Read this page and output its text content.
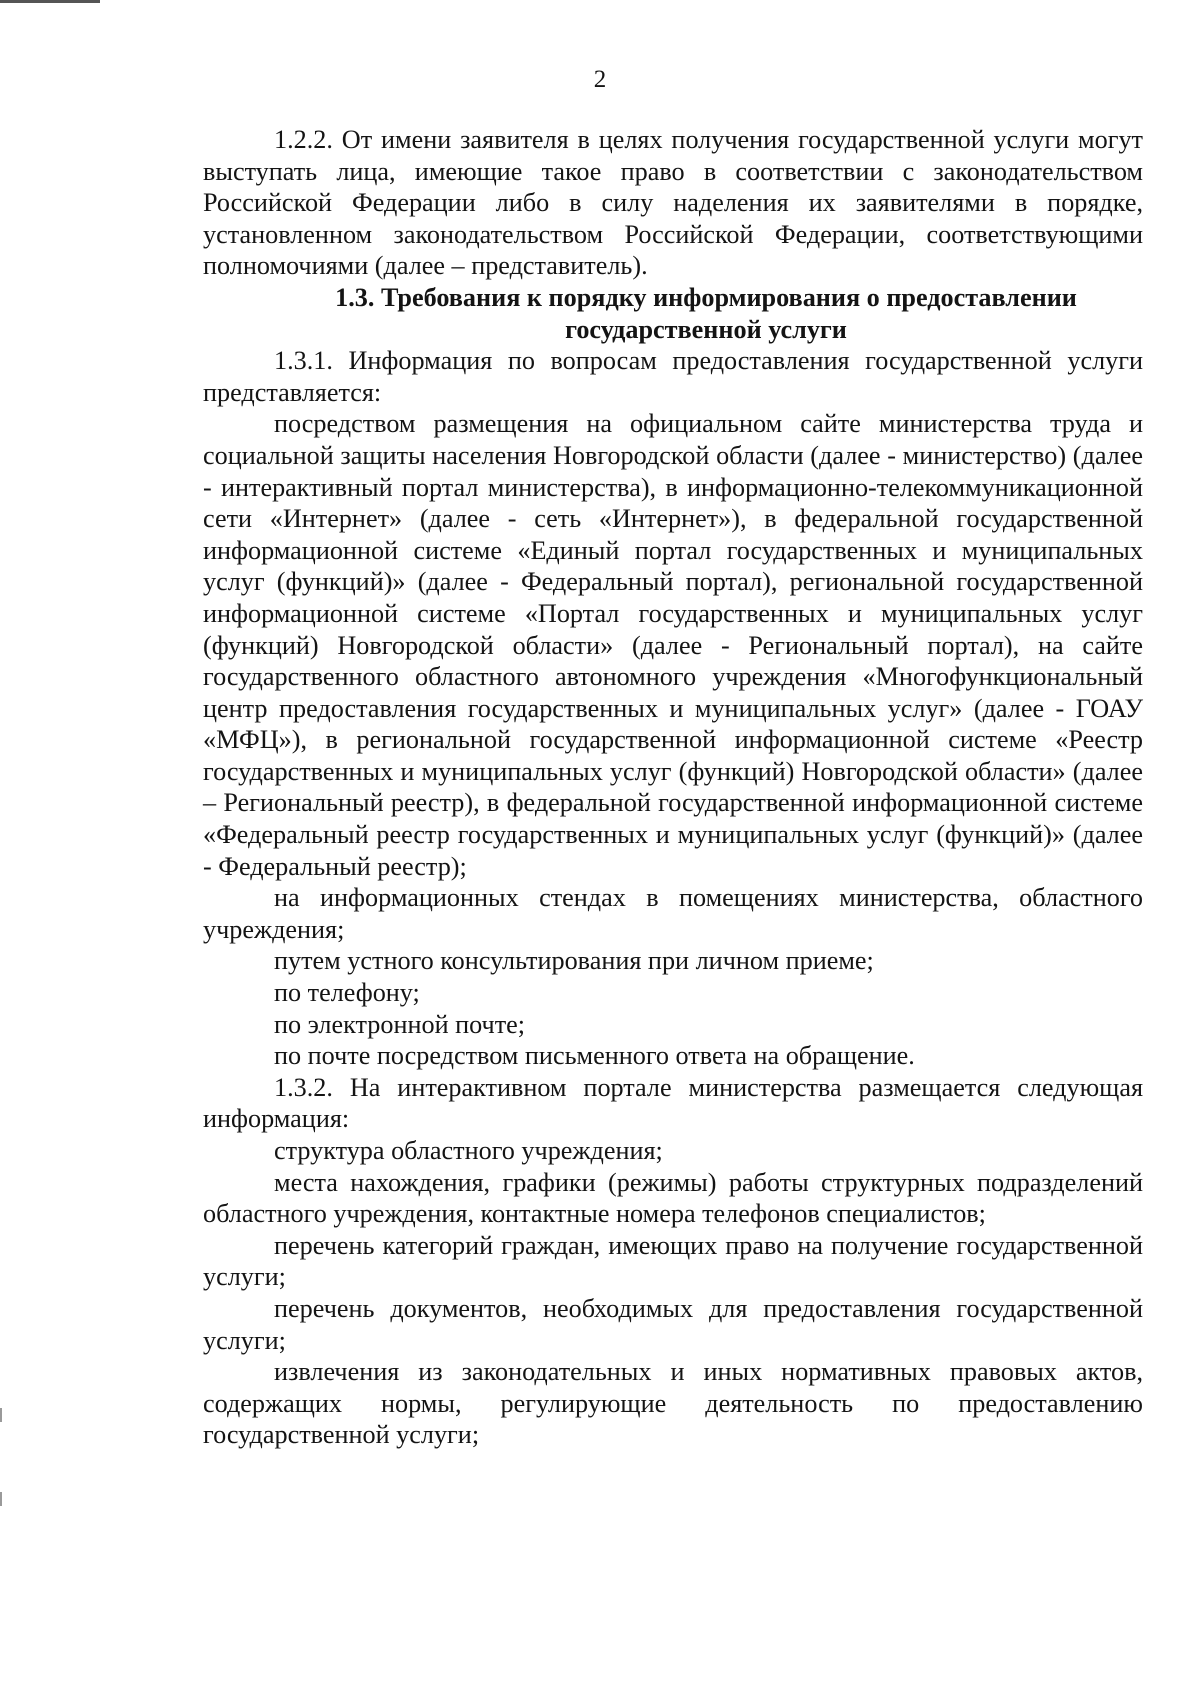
2

1.2.2. От имени заявителя в целях получения государственной услуги могут выступать лица, имеющие такое право в соответствии с законодательством Российской Федерации либо в силу наделения их заявителями в порядке, установленном законодательством Российской Федерации, соответствующими полномочиями (далее – представитель).

1.3. Требования к порядку информирования о предоставлении государственной услуги

1.3.1. Информация по вопросам предоставления государственной услуги представляется:

посредством размещения на официальном сайте министерства труда и социальной защиты населения Новгородской области (далее - министерство) (далее - интерактивный портал министерства), в информационно-телекоммуникационной сети «Интернет» (далее - сеть «Интернет»), в федеральной государственной информационной системе «Единый портал государственных и муниципальных услуг (функций)» (далее - Федеральный портал), региональной государственной информационной системе «Портал государственных и муниципальных услуг (функций) Новгородской области» (далее - Региональный портал), на сайте государственного областного автономного учреждения «Многофункциональный центр предоставления государственных и муниципальных услуг» (далее - ГОАУ «МФЦ»), в региональной государственной информационной системе «Реестр государственных и муниципальных услуг (функций) Новгородской области» (далее – Региональный реестр), в федеральной государственной информационной системе «Федеральный реестр государственных и муниципальных услуг (функций)» (далее - Федеральный реестр);

на информационных стендах в помещениях министерства, областного учреждения;

путем устного консультирования при личном приеме;

по телефону;

по электронной почте;

по почте посредством письменного ответа на обращение.

1.3.2. На интерактивном портале министерства размещается следующая информация:

структура областного учреждения;

места нахождения, графики (режимы) работы структурных подразделений областного учреждения, контактные номера телефонов специалистов;

перечень категорий граждан, имеющих право на получение государственной услуги;

перечень документов, необходимых для предоставления государственной услуги;

извлечения из законодательных и иных нормативных правовых актов, содержащих нормы, регулирующие деятельность по предоставлению государственной услуги;
